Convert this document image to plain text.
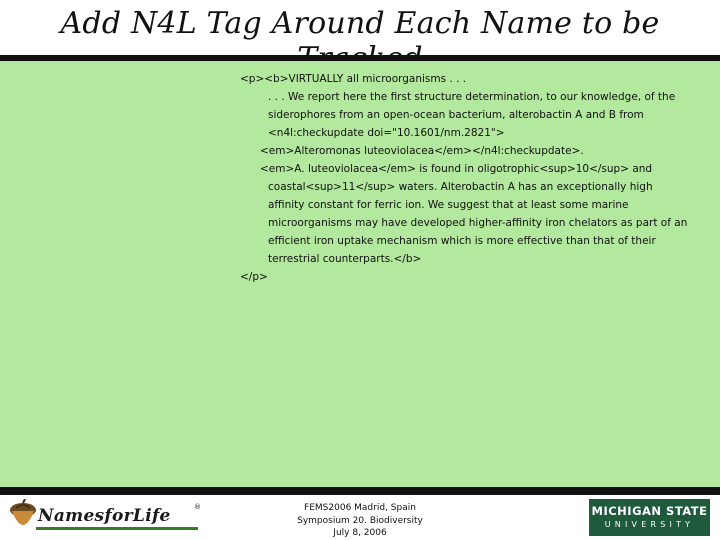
Add N4L Tag Around Each Name to be
<p><b>VIRTUALLY all microorganisms . . .
. . . We report here the first structure determination, to our knowledge, of the
siderophores from an open-ocean bacterium, alterobactin A and B from
<n4l:checkupdate doi="10.1601/nm.2821">
<em>Alteromonas luteoviolacea</em></n4l:checkupdate>.
<em>A. luteoviolacea</em> is found in oligotrophic<sup>10</sup> and
coastal<sup>11</sup> waters. Alterobactin A has an exceptionally high
affinity constant for ferric ion. We suggest that at least some marine
microorganisms may have developed higher-affinity iron chelators as part of an
efficient iron uptake mechanism which is more effective than that of their
terrestrial counterparts.</b>
</p>
NamesforLife	®	FEMS2006 Madrid, Spain
Symposium 20. Biodiversity
July 8, 2006
MICHIGAN STATE
UNIVERSITY
